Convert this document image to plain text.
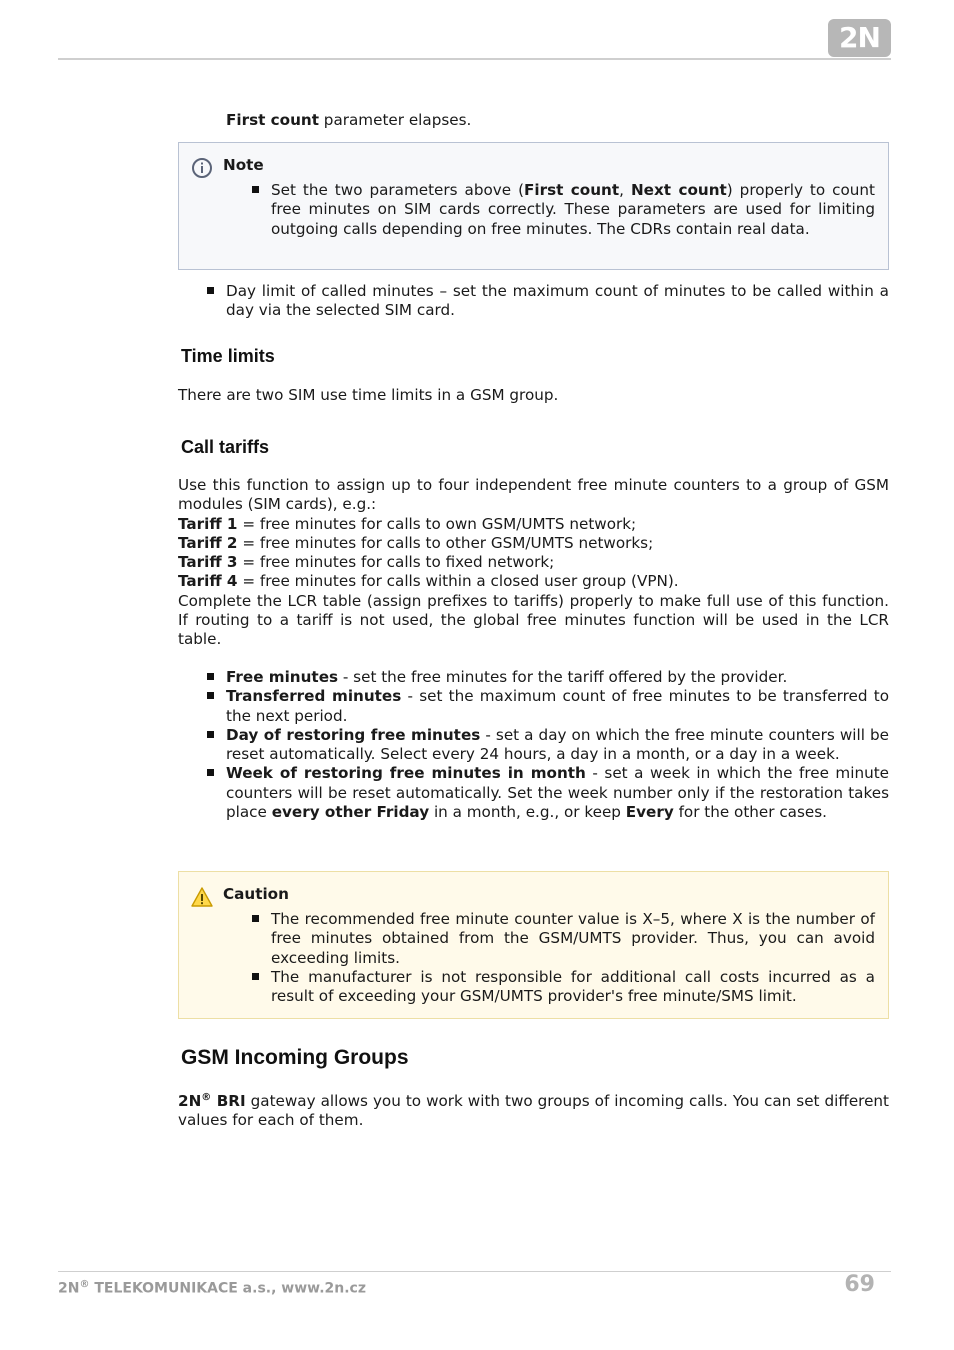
2N
First count parameter elapses.
Note
Set the two parameters above (First count, Next count) properly to count free minutes on SIM cards correctly. These parameters are used for limiting outgoing calls depending on free minutes. The CDRs contain real data.
Day limit of called minutes – set the maximum count of minutes to be called within a day via the selected SIM card.
Time limits
There are two SIM use time limits in a GSM group.
Call tariffs
Use this function to assign up to four independent free minute counters to a group of GSM modules (SIM cards), e.g.:
Tariff 1 = free minutes for calls to own GSM/UMTS network;
Tariff 2 = free minutes for calls to other GSM/UMTS networks;
Tariff 3 = free minutes for calls to fixed network;
Tariff 4 = free minutes for calls within a closed user group (VPN).
Complete the LCR table (assign prefixes to tariffs) properly to make full use of this function. If routing to a tariff is not used, the global free minutes function will be used in the LCR table.
Free minutes - set the free minutes for the tariff offered by the provider.
Transferred minutes - set the maximum count of free minutes to be transferred to the next period.
Day of restoring free minutes - set a day on which the free minute counters will be reset automatically. Select every 24 hours, a day in a month, or a day in a week.
Week of restoring free minutes in month - set a week in which the free minute counters will be reset automatically. Set the week number only if the restoration takes place every other Friday in a month, e.g., or keep Every for the other cases.
Caution
The recommended free minute counter value is X–5, where X is the number of free minutes obtained from the GSM/UMTS provider. Thus, you can avoid exceeding limits.
The manufacturer is not responsible for additional call costs incurred as a result of exceeding your GSM/UMTS provider's free minute/SMS limit.
GSM Incoming Groups
2N® BRI gateway allows you to work with two groups of incoming calls. You can set different values for each of them.
2N® TELEKOMUNIKACE a.s., www.2n.cz	69
